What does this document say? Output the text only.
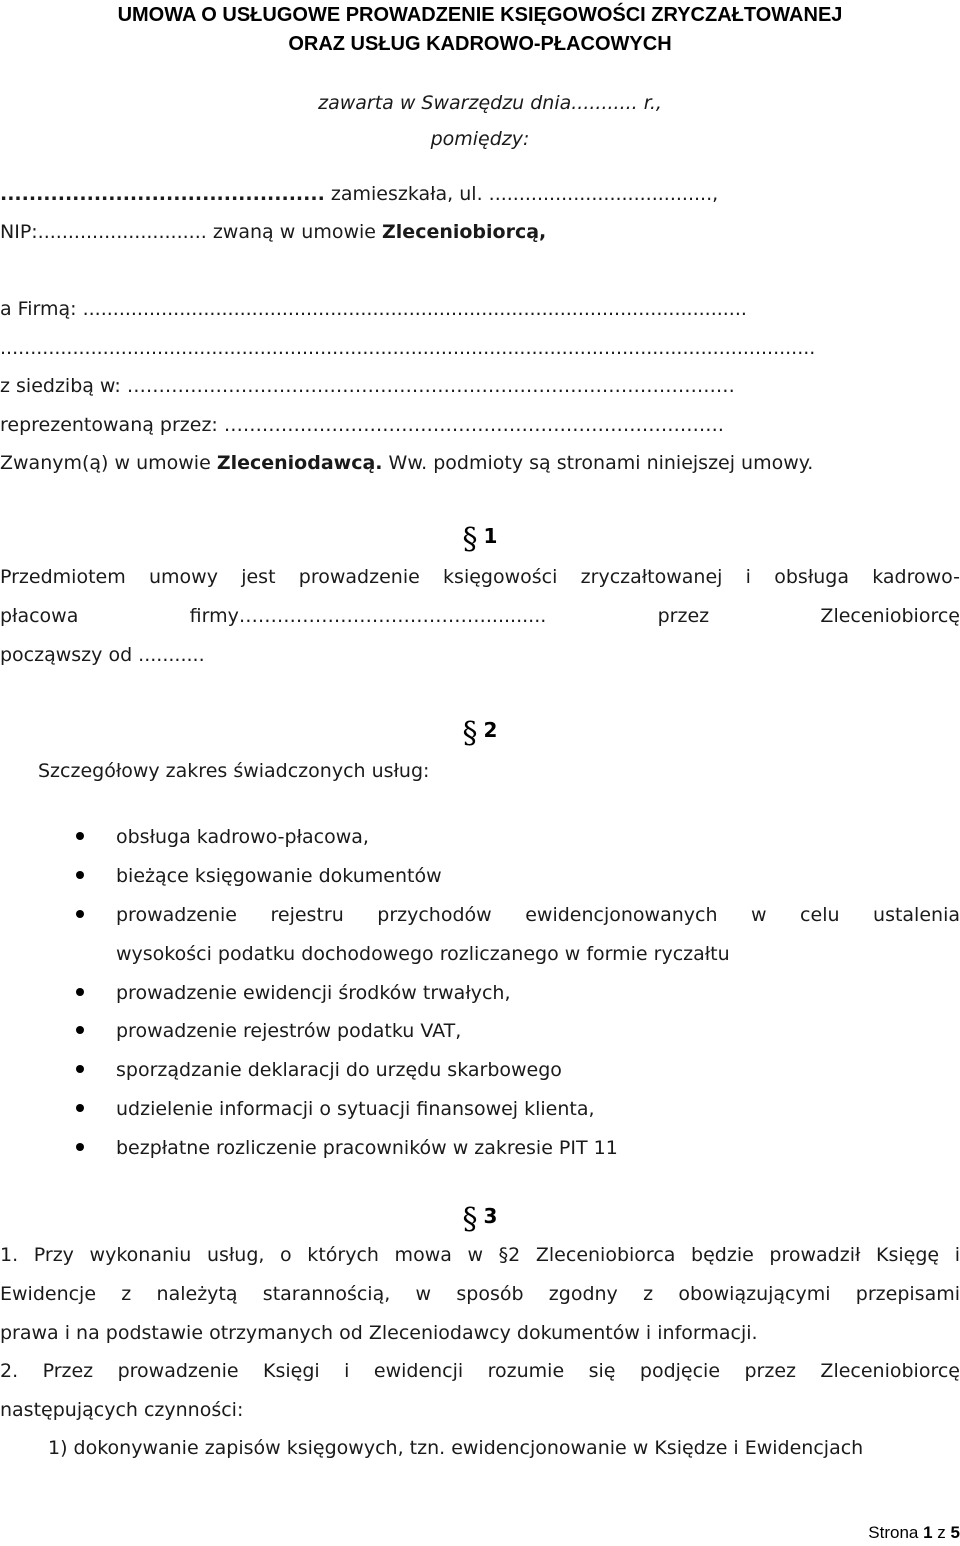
UMOWA O USŁUGOWE PROWADZENIE KSIĘGOWOŚCI ZRYCZAŁTOWANEJ
ORAZ USŁUG KADROWO-PŁACOWYCH
zawarta w Swarzędzu dnia........... r.,
pomiędzy:
............................................. zamieszkała, ul. .....................................,
NIP:............................ zwaną w umowie Zleceniobiorcą,
a Firmą: ..............................................................................................................
.......................................................................................................................................
z siedzibą w: ……………………………………………………………………………………
reprezentowaną przez: …………………………………………………………………….
Zwanym(ą) w umowie Zleceniodawcą. Ww. podmioty są stronami niniejszej umowy.
§ 1
Przedmiotem umowy jest prowadzenie księgowości zryczałtowanej i obsługa kadrowo-
płacowa firmy………………………………….......... przez Zleceniobiorcę
począwszy od ...........
§ 2
Szczegółowy zakres świadczonych usług:
obsługa kadrowo-płacowa,
bieżące księgowanie dokumentów
prowadzenie rejestru przychodów ewidencjonowanych w celu ustalenia
wysokości podatku dochodowego rozliczanego w formie ryczałtu
prowadzenie ewidencji środków trwałych,
prowadzenie rejestrów podatku VAT,
sporządzanie deklaracji do urzędu skarbowego
udzielenie informacji o sytuacji finansowej klienta,
bezpłatne rozliczenie pracowników w zakresie PIT 11
§ 3
1. Przy wykonaniu usług, o których mowa w §2 Zleceniobiorca będzie prowadził Księgę i
Ewidencje z należytą starannością, w sposób zgodny z obowiązującymi przepisami
prawa i na podstawie otrzymanych od Zleceniodawcy dokumentów i informacji.
2. Przez prowadzenie Księgi i ewidencji rozumie się podjęcie przez Zleceniobiorcę
następujących czynności:
1) dokonywanie zapisów księgowych, tzn. ewidencjonowanie w Księdze i Ewidencjach
Strona 1 z 5
